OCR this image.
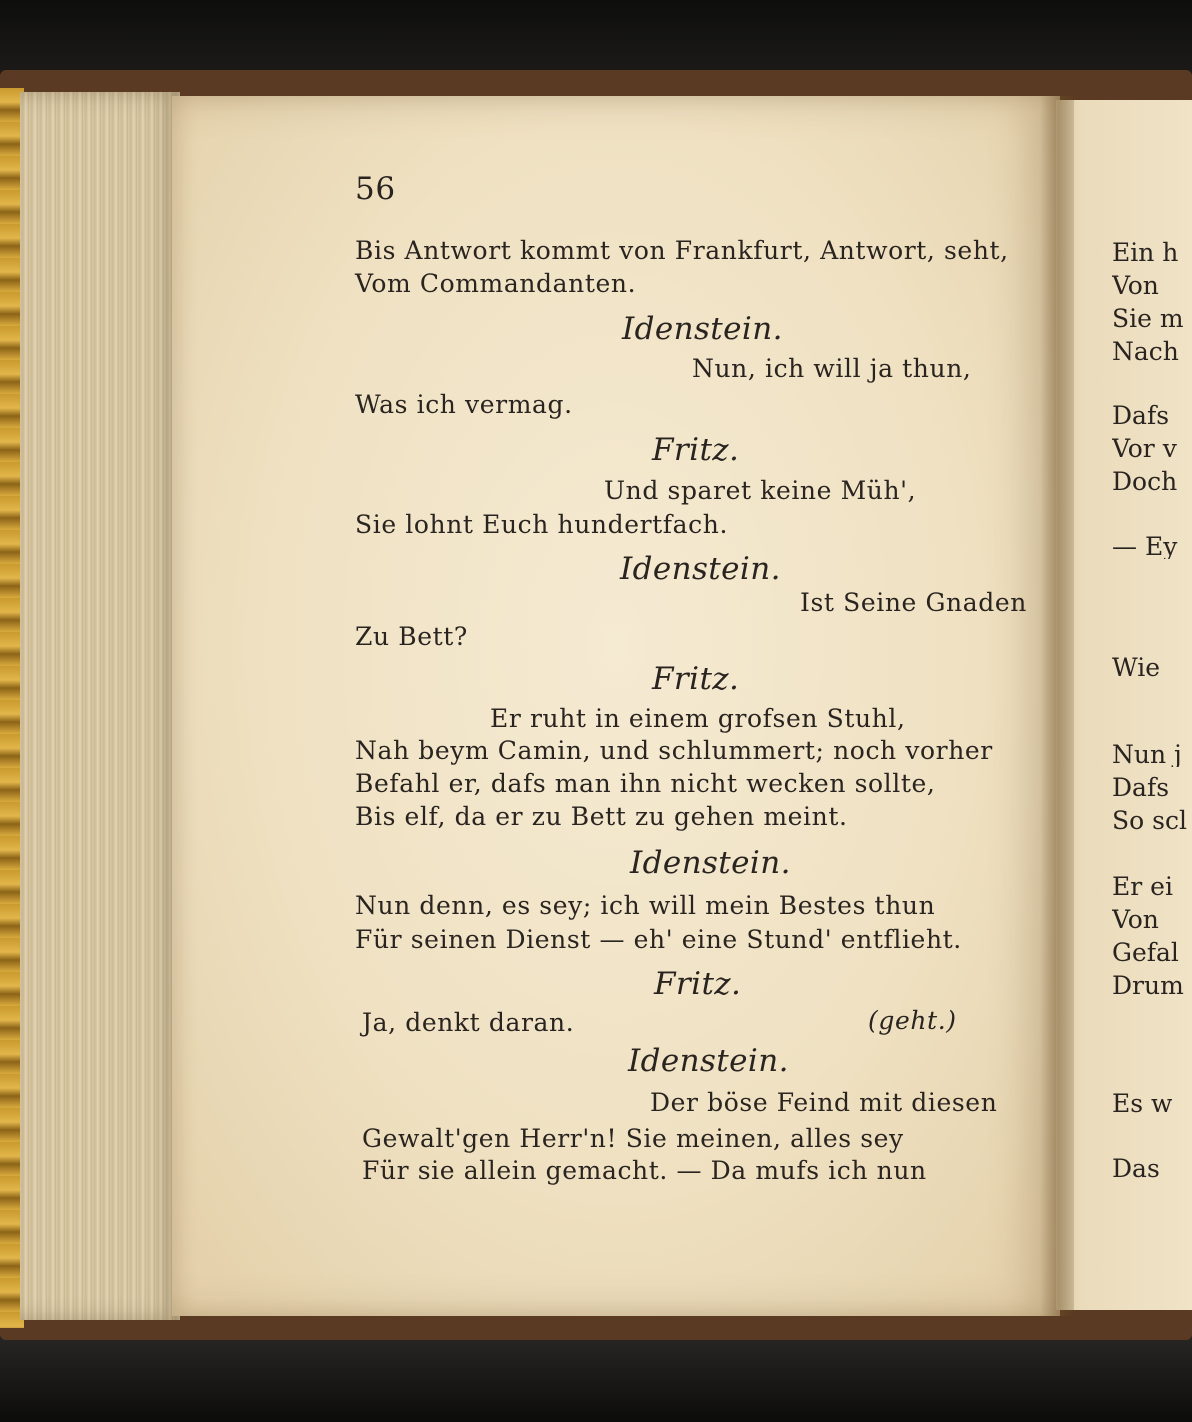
56
Bis Antwort kommt von Frankfurt, Antwort, seht,
Vom Commandanten.
Idenstein.
Nun, ich will ja thun,
Was ich vermag.
Fritz.
Und sparet keine Müh',
Sie lohnt Euch hundertfach.
Idenstein.
Ist Seine Gnaden
Zu Bett?
Fritz.
Er ruht in einem grofsen Stuhl,
Nah beym Camin, und schlummert; noch vorher
Befahl er, dafs man ihn nicht wecken sollte,
Bis elf, da er zu Bett zu gehen meint.
Idenstein.
Nun denn, es sey; ich will mein Bestes thun
Für seinen Dienst — eh' eine Stund' entflieht.
Fritz.
Ja, denkt daran.	(geht.)
Idenstein.
Der böse Feind mit diesen
Gewalt'gen Herr'n! Sie meinen, alles sey
Für sie allein gemacht. — Da mufs ich nun
Ein h
Von
Sie m
Nach
Dafs
Vor v
Doch
— Ey
Wie
Nun j
Dafs
So scl
Er ei
Von
Gefal
Drum
Es w
Das
